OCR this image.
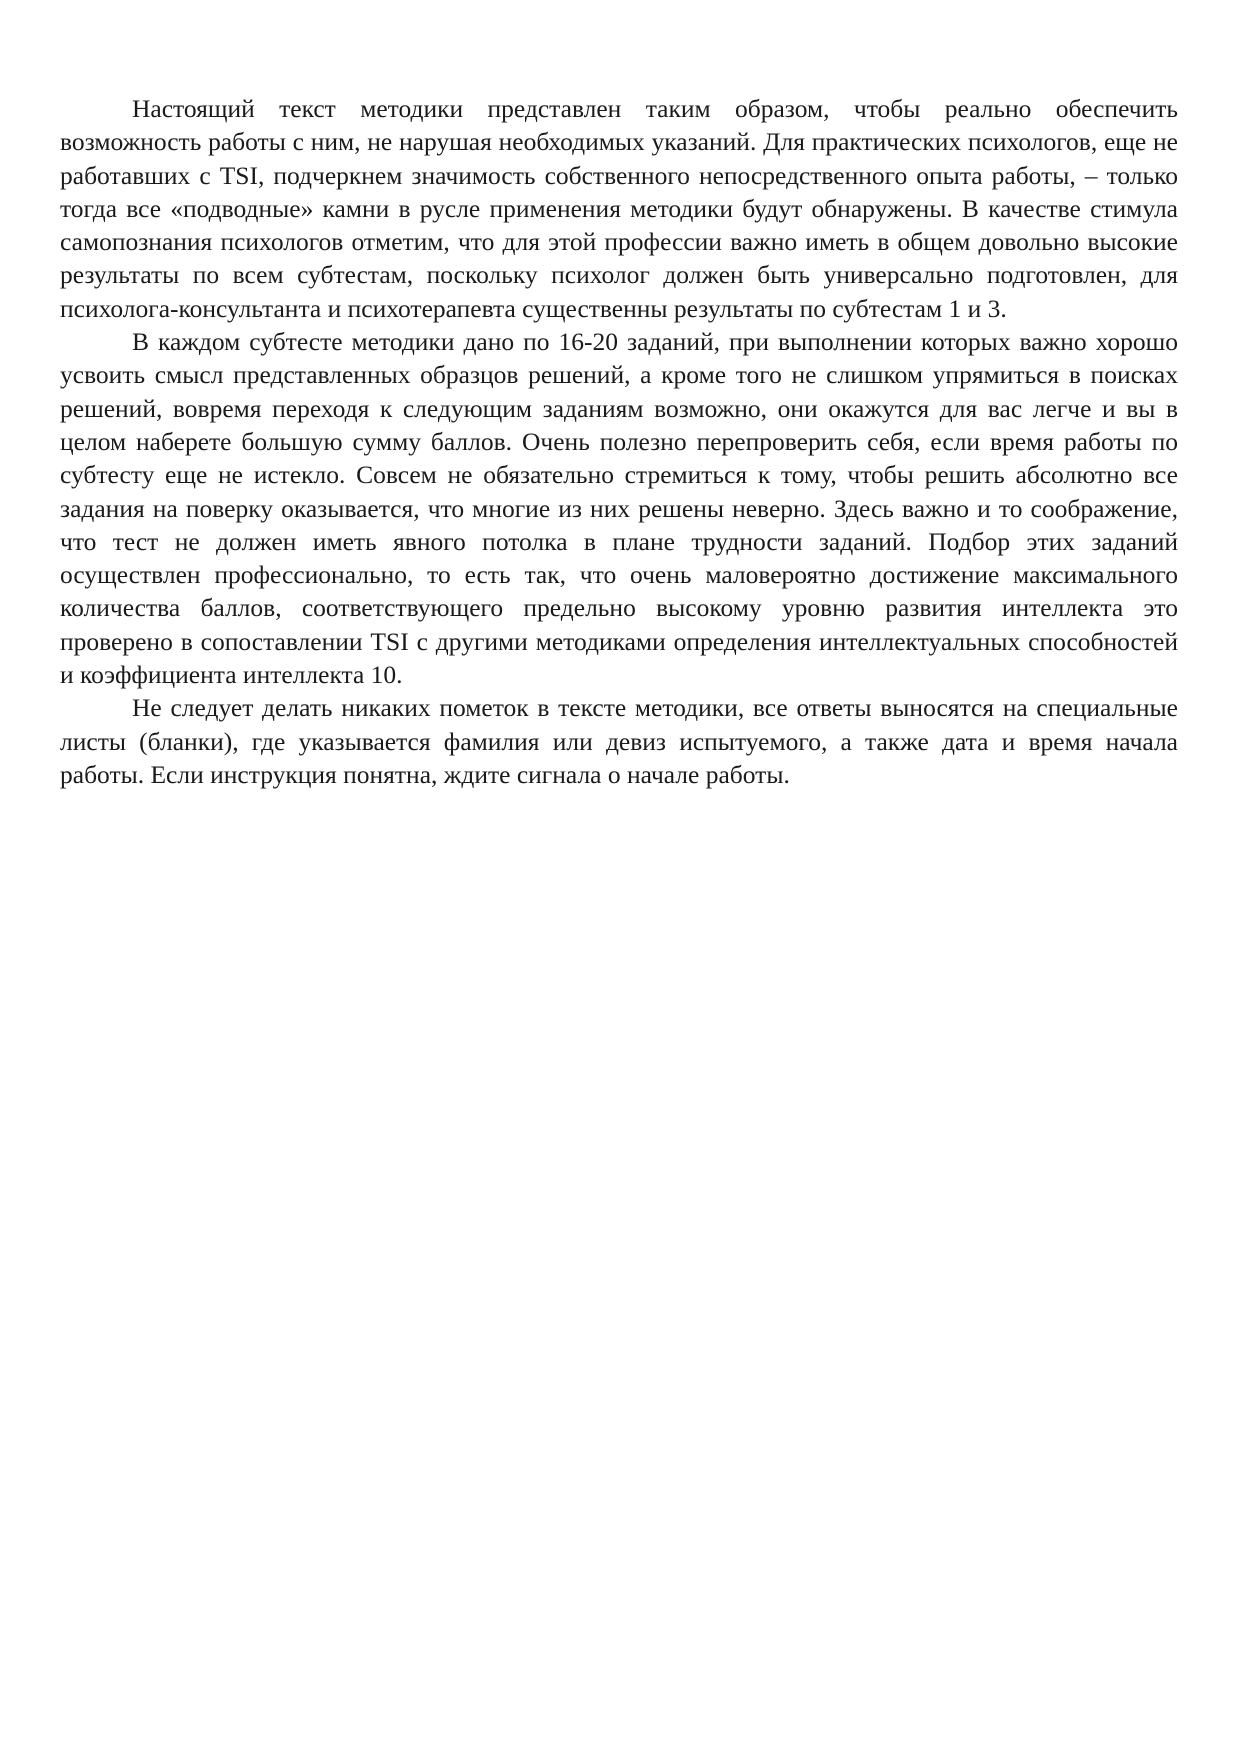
Настоящий текст методики представлен таким образом, чтобы реально обеспечить возможность работы с ним, не нарушая необходимых указаний. Для практических психологов, еще не работавших с TSI, подчеркнем значимость собственного непосредственного опыта работы, – только тогда все «подводные» камни в русле применения методики будут обнаружены. В качестве стимула самопознания психологов отметим, что для этой профессии важно иметь в общем довольно высокие результаты по всем субтестам, поскольку психолог должен быть универсально подготовлен, для психолога-консультанта и психотерапевта существенны результаты по субтестам 1 и 3.

В каждом субтесте методики дано по 16-20 заданий, при выполнении которых важно хорошо усвоить смысл представленных образцов решений, а кроме того не слишком упрямиться в поисках решений, вовремя переходя к следующим заданиям возможно, они окажутся для вас легче и вы в целом наберете большую сумму баллов. Очень полезно перепроверить себя, если время работы по субтесту еще не истекло. Совсем не обязательно стремиться к тому, чтобы решить абсолютно все задания на поверку оказывается, что многие из них решены неверно. Здесь важно и то соображение, что тест не должен иметь явного потолка в плане трудности заданий. Подбор этих заданий осуществлен профессионально, то есть так, что очень маловероятно достижение максимального количества баллов, соответствующего предельно высокому уровню развития интеллекта это проверено в сопоставлении TSI с другими методиками определения интеллектуальных способностей и коэффициента интеллекта 10.

Не следует делать никаких пометок в тексте методики, все ответы выносятся на специальные листы (бланки), где указывается фамилия или девиз испытуемого, а также дата и время начала работы. Если инструкция понятна, ждите сигнала о начале работы.
